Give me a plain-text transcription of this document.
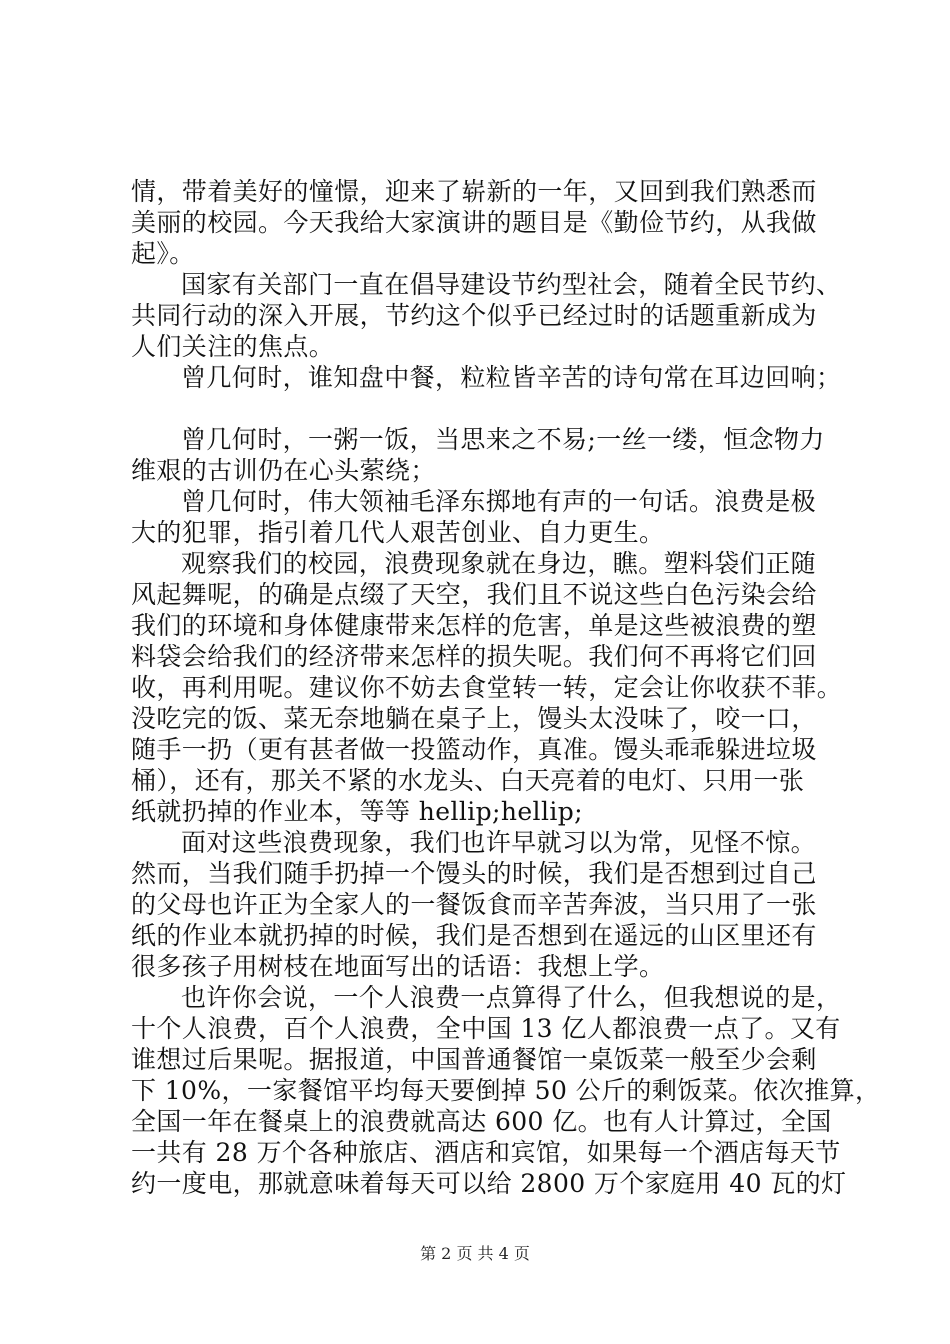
情，带着美好的憧憬，迎来了崭新的一年，又回到我们熟悉而
美丽的校园。今天我给大家演讲的题目是《勤俭节约，从我做
起》。
国家有关部门一直在倡导建设节约型社会，随着全民节约、
共同行动的深入开展，节约这个似乎已经过时的话题重新成为
人们关注的焦点。
曾几何时，谁知盘中餐，粒粒皆辛苦的诗句常在耳边回响；
曾几何时，一粥一饭，当思来之不易;一丝一缕，恒念物力
维艰的古训仍在心头萦绕；
曾几何时，伟大领袖毛泽东掷地有声的一句话。浪费是极
大的犯罪，指引着几代人艰苦创业、自力更生。
观察我们的校园，浪费现象就在身边，瞧。塑料袋们正随
风起舞呢，的确是点缀了天空，我们且不说这些白色污染会给
我们的环境和身体健康带来怎样的危害，单是这些被浪费的塑
料袋会给我们的经济带来怎样的损失呢。我们何不再将它们回
收，再利用呢。建议你不妨去食堂转一转，定会让你收获不菲。
没吃完的饭、菜无奈地躺在桌子上，馒头太没味了，咬一口，
随手一扔（更有甚者做一投篮动作，真准。馒头乖乖躲进垃圾
桶），还有，那关不紧的水龙头、白天亮着的电灯、只用一张
纸就扔掉的作业本，等等 hellip;hellip;
面对这些浪费现象，我们也许早就习以为常，见怪不惊。
然而，当我们随手扔掉一个馒头的时候，我们是否想到过自己
的父母也许正为全家人的一餐饭食而辛苦奔波，当只用了一张
纸的作业本就扔掉的时候，我们是否想到在遥远的山区里还有
很多孩子用树枝在地面写出的话语：我想上学。
也许你会说，一个人浪费一点算得了什么，但我想说的是，
十个人浪费，百个人浪费，全中国 13 亿人都浪费一点了。又有
谁想过后果呢。据报道，中国普通餐馆一桌饭菜一般至少会剩
下 10%，一家餐馆平均每天要倒掉 50 公斤的剩饭菜。依次推算，
全国一年在餐桌上的浪费就高达 600 亿。也有人计算过，全国
一共有 28 万个各种旅店、酒店和宾馆，如果每一个酒店每天节
约一度电，那就意味着每天可以给 2800 万个家庭用 40 瓦的灯
第 2 页 共 4 页
